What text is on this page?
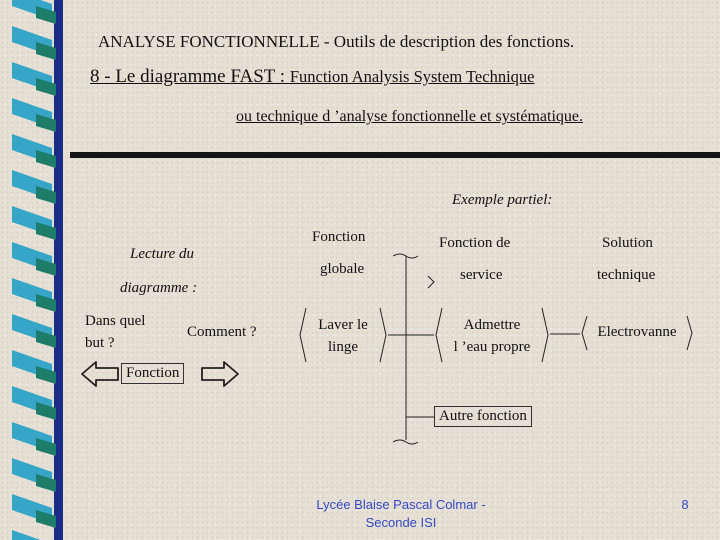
ANALYSE FONCTIONNELLE - Outils de description des fonctions.
8 - Le diagramme FAST : Function Analysis System Technique
ou technique d ’analyse fonctionnelle et systématique.
Exemple partiel:
Lecture du
diagramme :
Dans quel
but ?
Comment ?
Fonction
Fonction
globale
Fonction de
service
Solution
technique
Laver le
linge
Admettre
l ’eau propre
Electrovanne
Autre fonction
Lycée Blaise Pascal Colmar -
Seconde ISI
8
